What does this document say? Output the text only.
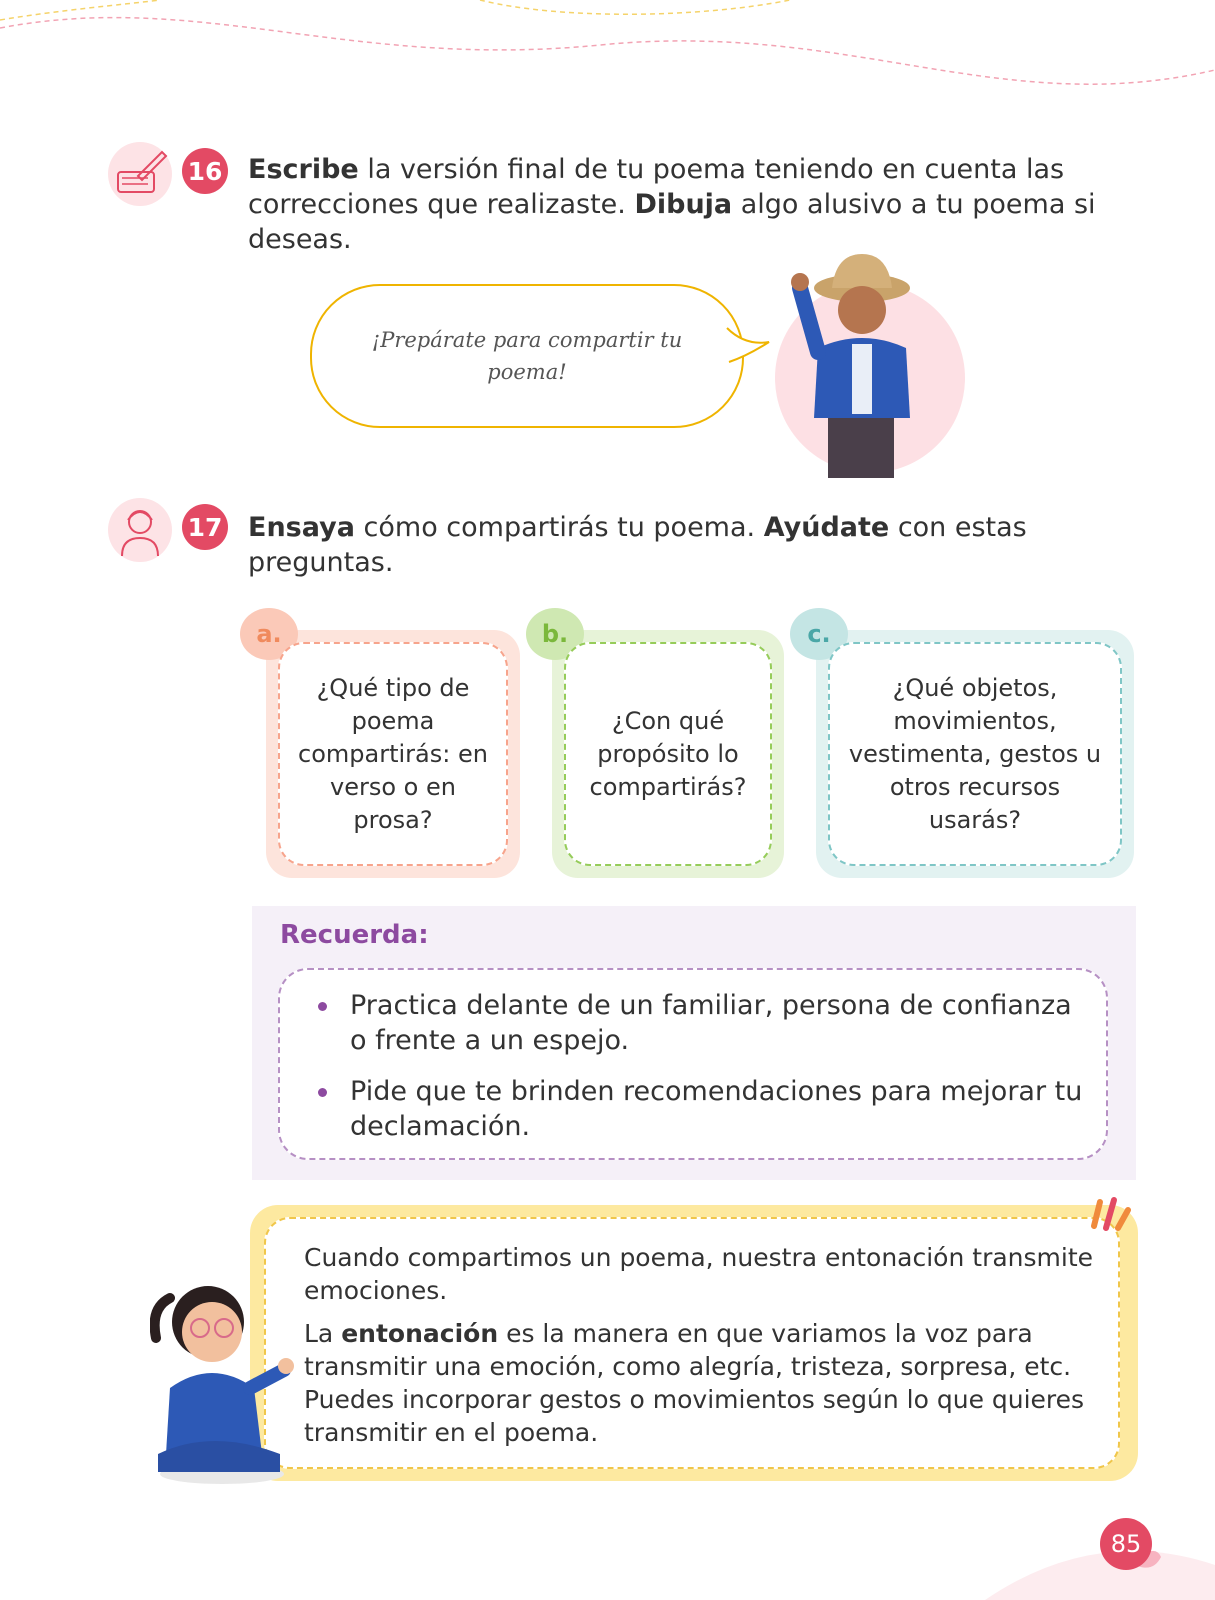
16 Escribe la versión final de tu poema teniendo en cuenta las correcciones que realizaste. Dibuja algo alusivo a tu poema si deseas.
¡Prepárate para compartir tu poema!
17 Ensaya cómo compartirás tu poema. Ayúdate con estas preguntas.
a.
¿Qué tipo de poema compartirás: en verso o en prosa?
b.
¿Con qué propósito lo compartirás?
c.
¿Qué objetos, movimientos, vestimenta, gestos u otros recursos usarás?
Recuerda:
Practica delante de un familiar, persona de confianza o frente a un espejo.
Pide que te brinden recomendaciones para mejorar tu declamación.
Cuando compartimos un poema, nuestra entonación transmite emociones.
La entonación es la manera en que variamos la voz para transmitir una emoción, como alegría, tristeza, sorpresa, etc. Puedes incorporar gestos o movimientos según lo que quieres transmitir en el poema.
85
